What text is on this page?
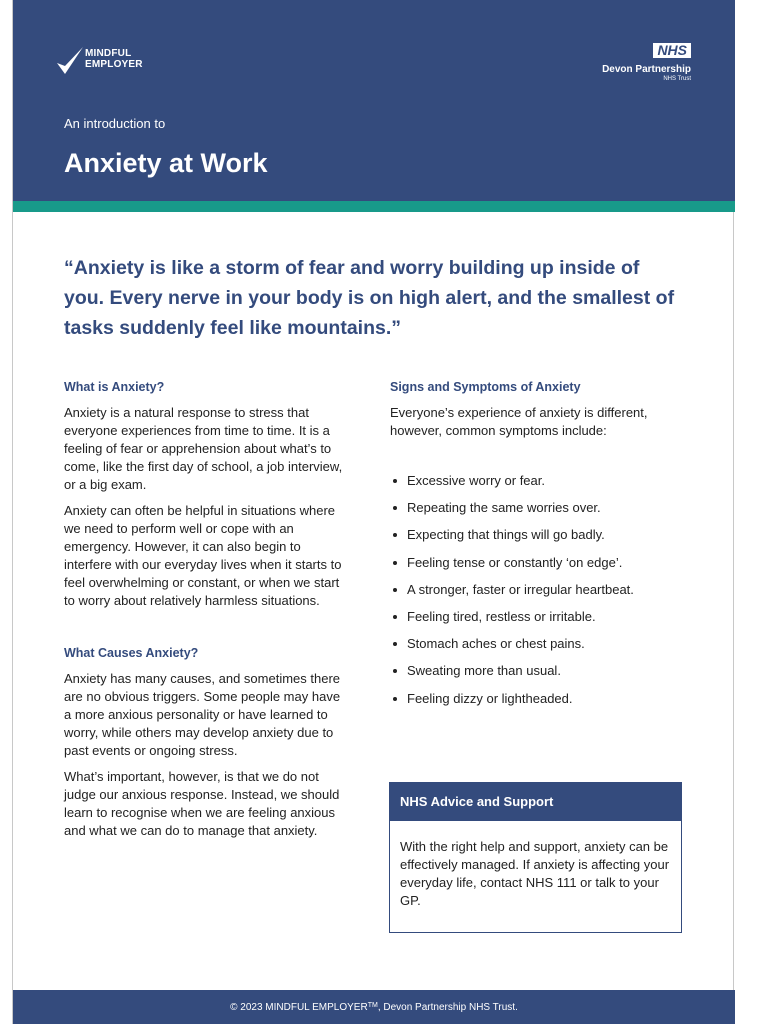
MINDFUL
EMPLOYER
NHS
Devon Partnership
NHS Trust
An introduction to
Anxiety at Work

“Anxiety is like a storm of fear and worry building up inside of you. Every nerve in your body is on high alert, and the smallest of tasks suddenly feel like mountains.”

What is Anxiety?

Anxiety is a natural response to stress that everyone experiences from time to time. It is a feeling of fear or apprehension about what’s to come, like the first day of school, a job interview, or a big exam.

Anxiety can often be helpful in situations where we need to perform well or cope with an emergency. However, it can also begin to interfere with our everyday lives when it starts to feel overwhelming or constant, or when we start to worry about relatively harmless situations.

What Causes Anxiety?

Anxiety has many causes, and sometimes there are no obvious triggers. Some people may have a more anxious personality or have learned to worry, while others may develop anxiety due to past events or ongoing stress.

What’s important, however, is that we do not judge our anxious response. Instead, we should learn to recognise when we are feeling anxious and what we can do to manage that anxiety.

Signs and Symptoms of Anxiety

Everyone’s experience of anxiety is different, however, common symptoms include:

Excessive worry or fear.
Repeating the same worries over.
Expecting that things will go badly.
Feeling tense or constantly ‘on edge’.
A stronger, faster or irregular heartbeat.
Feeling tired, restless or irritable.
Stomach aches or chest pains.
Sweating more than usual.
Feeling dizzy or lightheaded.
NHS Advice and Support
With the right help and support, anxiety can be effectively managed. If anxiety is affecting your everyday life, contact NHS 111 or talk to your GP.
© 2023 MINDFUL EMPLOYER™, Devon Partnership NHS Trust.
